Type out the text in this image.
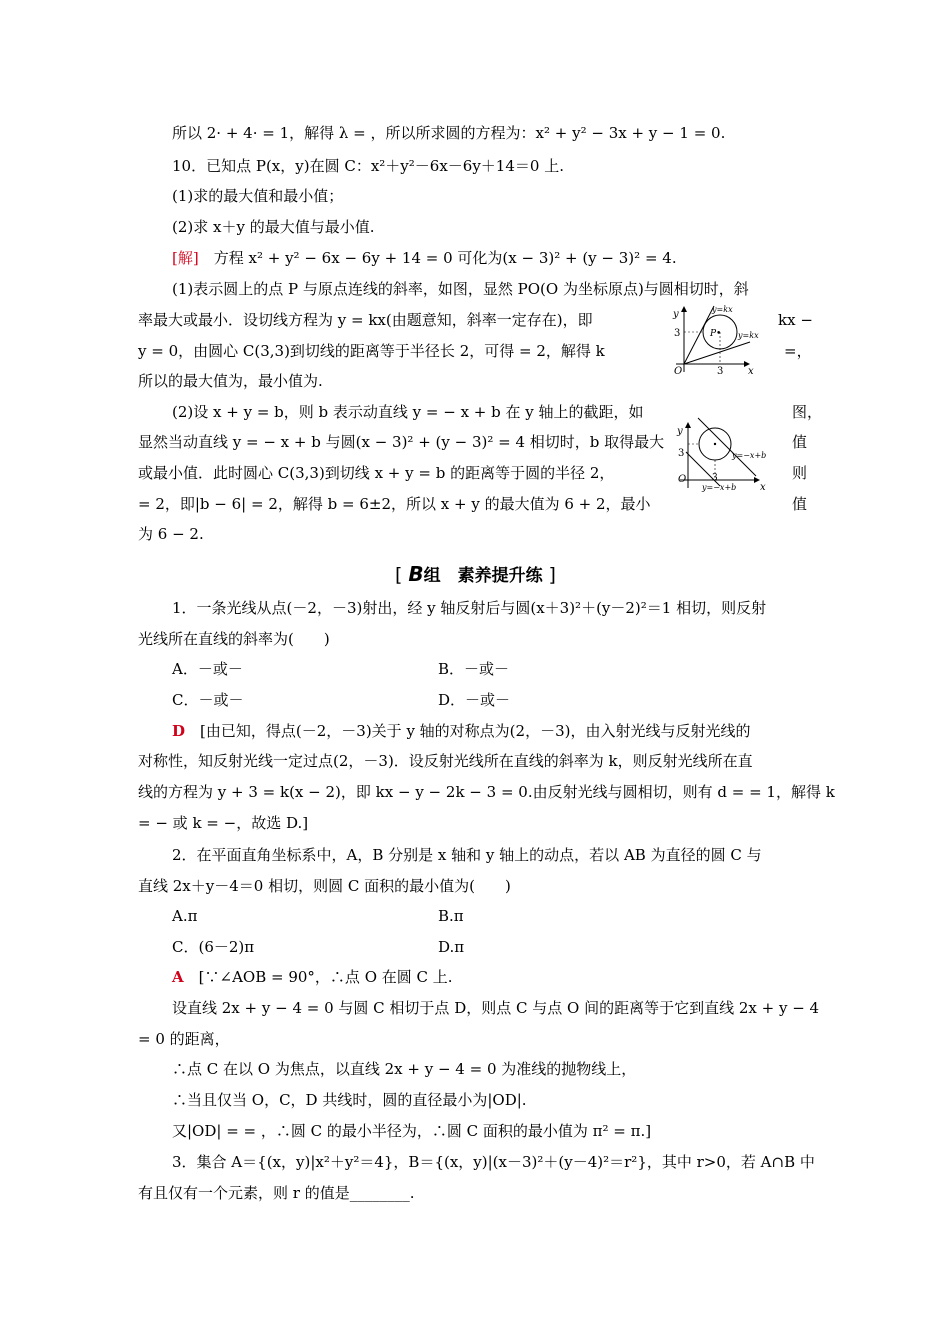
所以 2· + 4· = 1，解得 λ = ，所以所求圆的方程为：x² + y² − 3x + y − 1 = 0.
10．已知点 P(x，y)在圆 C：x²＋y²－6x－6y＋14＝0 上.
(1)求的最大值和最小值；
(2)求 x＋y 的最大值与最小值.
[解]　 方程 x² + y² − 6x − 6y + 14 = 0 可化为(x − 3)² + (y − 3)² = 4.
(1)表示圆上的点 P 与原点连线的斜率，如图，显然 PO(O 为坐标原点)与圆相切时，斜
率最大或最小．设切线方程为 y = kx(由题意知，斜率一定存在)，即	kx −
y = 0，由圆心 C(3,3)到切线的距离等于半径长 2，可得 = 2，解得 k	=，
所以的最大值为，最小值为.
(2)设 x + y = b，则 b 表示动直线 y = − x + b 在 y 轴上的截距，如	图，
显然当动直线 y = − x + b 与圆(x − 3)² + (y − 3)² = 4 相切时，b 取得最大	值
或最小值．此时圆心 C(3,3)到切线 x + y = b 的距离等于圆的半径 2，	则
= 2，即|b − 6| = 2，解得 b = 6±2，所以 x + y 的最大值为 6 + 2，最小	值
为 6 − 2.
y
x
O
3
3
P•
y=kx
y=kx
y
x
O
3
3
y=−x+b
y=−x+b
[ B组　素养提升练 ]
1．一条光线从点(－2，－3)射出，经 y 轴反射后与圆(x＋3)²＋(y－2)²＝1 相切，则反射
光线所在直线的斜率为(　　)
A．－或－	B．－或－
C．－或－	D．－或－
D　 [由已知，得点(－2，－3)关于 y 轴的对称点为(2，－3)，由入射光线与反射光线的
对称性，知反射光线一定过点(2，－3)．设反射光线所在直线的斜率为 k，则反射光线所在直
线的方程为 y + 3 = k(x − 2)，即 kx − y − 2k − 3 = 0.由反射光线与圆相切，则有 d = = 1，解得 k
= − 或 k = −，故选 D.]
2．在平面直角坐标系中，A，B 分别是 x 轴和 y 轴上的动点，若以 AB 为直径的圆 C 与
直线 2x＋y－4＝0 相切，则圆 C 面积的最小值为(　　)
A.π	B.π
C．(6－2)π	D.π
A　 [∵∠AOB = 90°，∴点 O 在圆 C 上.
设直线 2x + y − 4 = 0 与圆 C 相切于点 D，则点 C 与点 O 间的距离等于它到直线 2x + y − 4
= 0 的距离，
∴点 C 在以 O 为焦点，以直线 2x + y − 4 = 0 为准线的抛物线上，
∴当且仅当 O，C，D 共线时，圆的直径最小为|OD|.
又|OD| = = ，∴圆 C 的最小半径为，∴圆 C 面积的最小值为 π² = π.]
3．集合 A＝{(x，y)|x²＋y²＝4}，B＝{(x，y)|(x－3)²＋(y－4)²＝r²}，其中 r>0，若 A∩B 中
有且仅有一个元素，则 r 的值是________.
